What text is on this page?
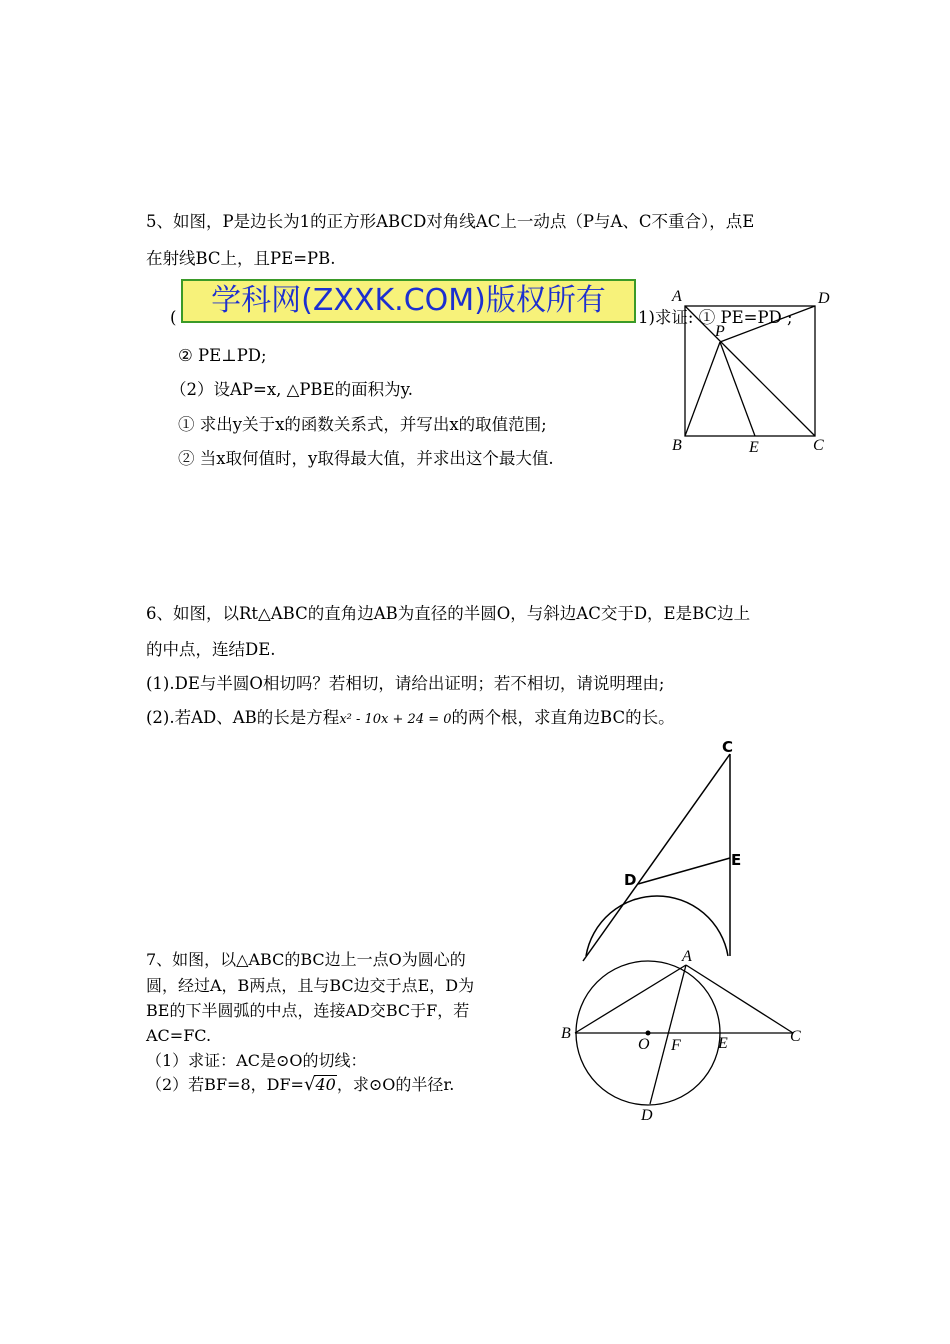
5、如图，P是边长为1的正方形ABCD对角线AC上一动点（P与A、C不重合），点E
在射线BC上，且PE=PB.
(	学科网(ZXXK.COM)版权所有	1)求证: ① PE=PD ;
② PE⊥PD;
（2）设AP=x, △PBE的面积为y.
① 求出y关于x的函数关系式，并写出x的取值范围;
② 当x取何值时，y取得最大值，并求出这个最大值.
A	D
P
B	E	C
6、如图，以Rt△ABC的直角边AB为直径的半圆O，与斜边AC交于D，E是BC边上
的中点，连结DE.
(1).DE与半圆O相切吗？若相切，请给出证明；若不相切，请说明理由;
(2).若AD、AB的长是方程x² - 10x + 24 = 0的两个根，求直角边BC的长。
C
D
E
7、如图，以△ABC的BC边上一点O为圆心的
圆，经过A，B两点，且与BC边交于点E，D为
BE的下半圆弧的中点，连接AD交BC于F，若
AC=FC.
（1）求证：AC是⊙O的切线：
（2）若BF=8，DF=√40，求⊙O的半径r.
A
B
O F E	C
D
